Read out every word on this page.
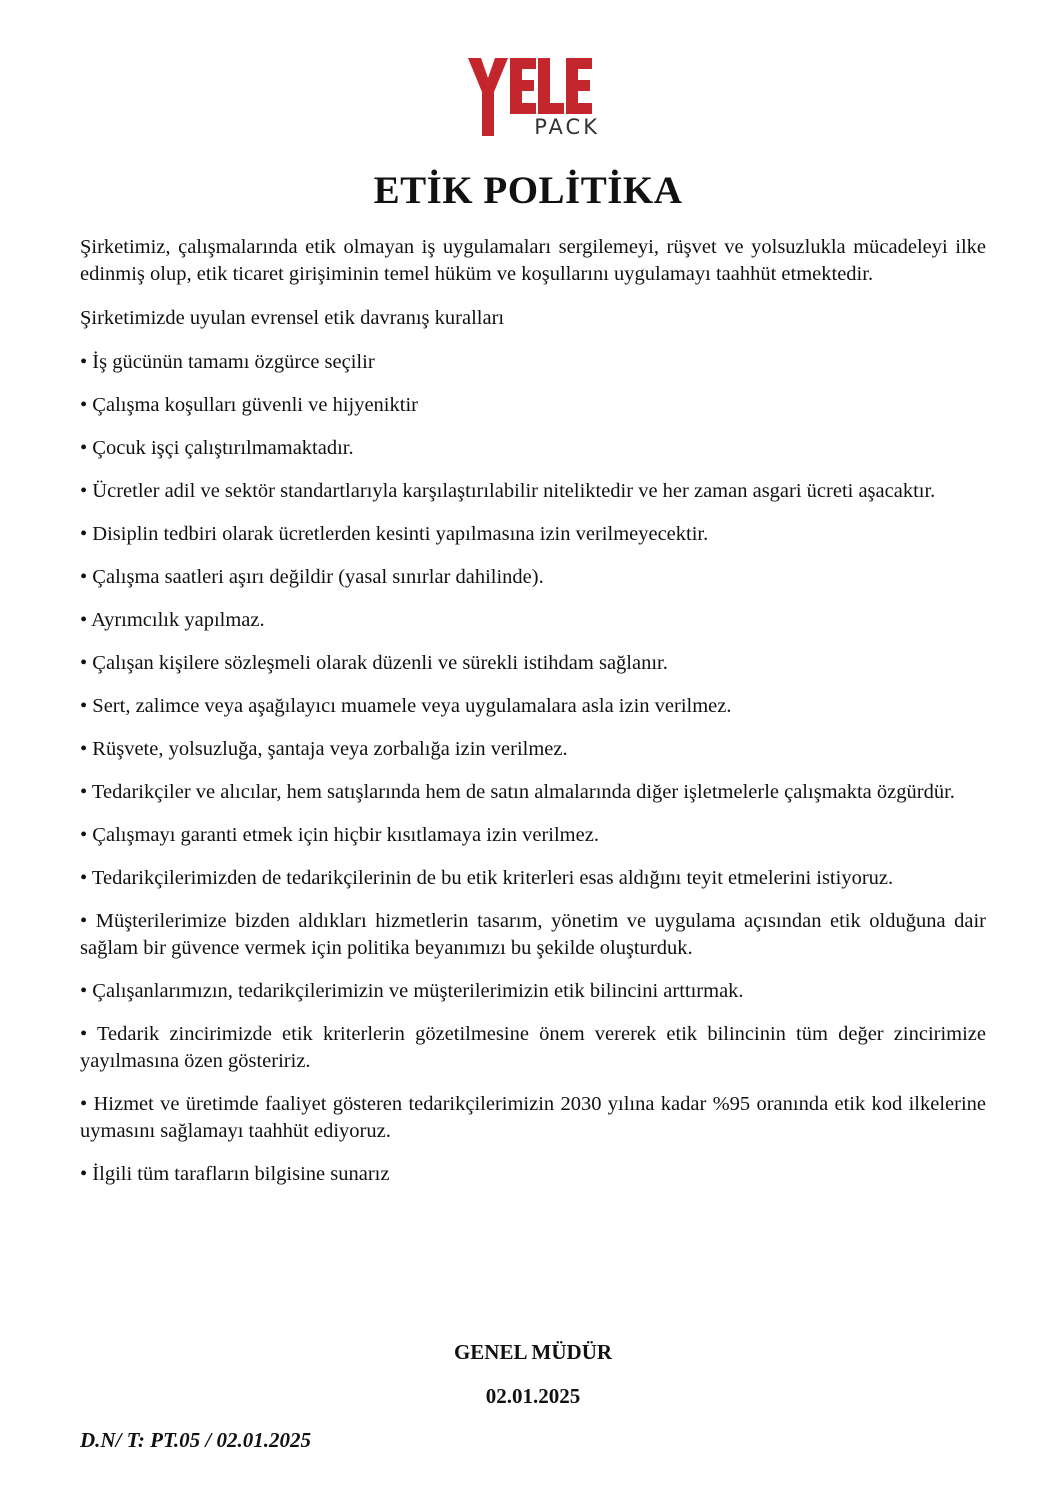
PACK
ETİK POLİTİKA

Şirketimiz, çalışmalarında etik olmayan iş uygulamaları sergilemeyi, rüşvet ve yolsuzlukla mücadeleyi ilke edinmiş olup, etik ticaret girişiminin temel hüküm ve koşullarını uygulamayı taahhüt etmektedir.

Şirketimizde uyulan evrensel etik davranış kuralları

• İş gücünün tamamı özgürce seçilir

• Çalışma koşulları güvenli ve hijyeniktir

• Çocuk işçi çalıştırılmamaktadır.

• Ücretler adil ve sektör standartlarıyla karşılaştırılabilir niteliktedir ve her zaman asgari ücreti aşacaktır.

• Disiplin tedbiri olarak ücretlerden kesinti yapılmasına izin verilmeyecektir.

• Çalışma saatleri aşırı değildir (yasal sınırlar dahilinde).

• Ayrımcılık yapılmaz.

• Çalışan kişilere sözleşmeli olarak düzenli ve sürekli istihdam sağlanır.

• Sert, zalimce veya aşağılayıcı muamele veya uygulamalara asla izin verilmez.

• Rüşvete, yolsuzluğa, şantaja veya zorbalığa izin verilmez.

• Tedarikçiler ve alıcılar, hem satışlarında hem de satın almalarında diğer işletmelerle çalışmakta özgürdür.

• Çalışmayı garanti etmek için hiçbir kısıtlamaya izin verilmez.

• Tedarikçilerimizden de tedarikçilerinin de bu etik kriterleri esas aldığını teyit etmelerini istiyoruz.

• Müşterilerimize bizden aldıkları hizmetlerin tasarım, yönetim ve uygulama açısından etik olduğuna dair sağlam bir güvence vermek için politika beyanımızı bu şekilde oluşturduk.

• Çalışanlarımızın, tedarikçilerimizin ve müşterilerimizin etik bilincini arttırmak.

• Tedarik zincirimizde etik kriterlerin gözetilmesine önem vererek etik bilincinin tüm değer zincirimize yayılmasına özen gösteririz.

• Hizmet ve üretimde faaliyet gösteren tedarikçilerimizin 2030 yılına kadar %95 oranında etik kod ilkelerine uymasını sağlamayı taahhüt ediyoruz.

• İlgili tüm tarafların bilgisine sunarız

GENEL MÜDÜR
02.01.2025
D.N/ T: PT.05 / 02.01.2025
